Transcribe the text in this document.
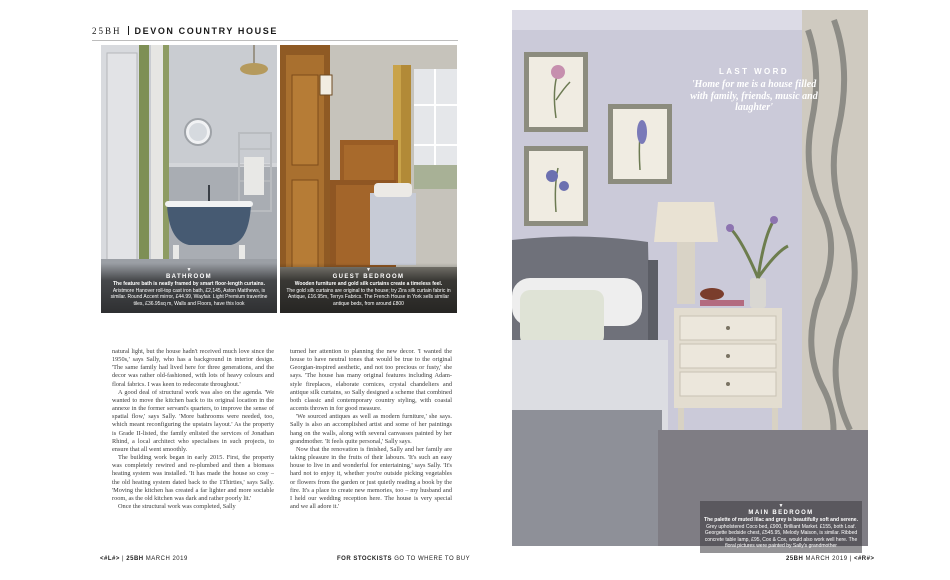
25BH DEVON COUNTRY HOUSE
▼
BATHROOM
The feature bath is neatly framed by smart floor-length curtains.
Aristmore Hanover roll-top cast iron bath, £2,145, Aston Matthews, is similar. Round Accent mirror, £44.99, Wayfair. Light Premium travertine tiles, £36.95sq m, Walls and Floors, have this look
▼
GUEST BEDROOM
Wooden furniture and gold silk curtains create a timeless feel.
The gold silk curtains are original to the house; try Zira silk curtain fabric in Antique, £16.95m, Terrys Fabrics. The French House in York sells similar antique beds, from around £800

natural light, but the house hadn't received much love since the 1950s,' says Sally, who has a background in interior design. 'The same family had lived here for three generations, and the decor was rather old-fashioned, with lots of heavy colours and floral fabrics. I was keen to redecorate throughout.'

A good deal of structural work was also on the agenda. 'We wanted to move the kitchen back to its original location in the annexe in the former servant's quarters, to improve the sense of spatial flow,' says Sally. 'More bathrooms were needed, too, which meant reconfiguring the upstairs layout.' As the property is Grade II-listed, the family enlisted the services of Jonathan Rhind, a local architect who specialises in such projects, to ensure that all went smoothly.

The building work began in early 2015. First, the property was completely rewired and re-plumbed and then a biomass heating system was installed. 'It has made the house so cosy – the old heating system dated back to the 1Thirties,' says Sally. 'Moving the kitchen has created a far lighter and more sociable room, as the old kitchen was dark and rather poorly lit.'

Once the structural work was completed, Sally

turned her attention to planning the new decor. 'I wanted the house to have neutral tones that would be true to the original Georgian-inspired aesthetic, and not too precious or fusty,' she says. 'The house has many original features including Adam-style fireplaces, elaborate cornices, crystal chandeliers and antique silk curtains, so Sally designed a scheme that combined both classic and contemporary country styling, with coastal accents thrown in for good measure.

'We sourced antiques as well as modern furniture,' she says. Sally is also an accomplished artist and some of her paintings hang on the walls, along with several canvasses painted by her grandmother. 'It feels quite personal,' Sally says.

Now that the renovation is finished, Sally and her family are taking pleasure in the fruits of their labours. 'It's such an easy house to live in and wonderful for entertaining,' says Sally. 'It's hard not to enjoy it, whether you're outside picking vegetables or flowers from the garden or just quietly reading a book by the fire. It's a place to create new memories, too – my husband and I held our wedding reception here. The house is very special and we all adore it.'

<#L#> | 25BH MARCH 2019	FOR STOCKISTS GO TO WHERE TO BUY
LAST WORD
'Home for me is a house filled with family, friends, music and laughter'
▼
MAIN BEDROOM
The palette of muted lilac and grey is beautifully soft and serene.
Grey upholstered Coco bed, £900, Brilliant Market. £155, both Loaf. Georgette bedside chest, £545.95, Melody Maison, is similar. Ribbed concrete table lamp, £95, Cox & Cox, would also work well here. The floral pictures were painted by Sally's grandmother
25BH MARCH 2019 | <#R#>
